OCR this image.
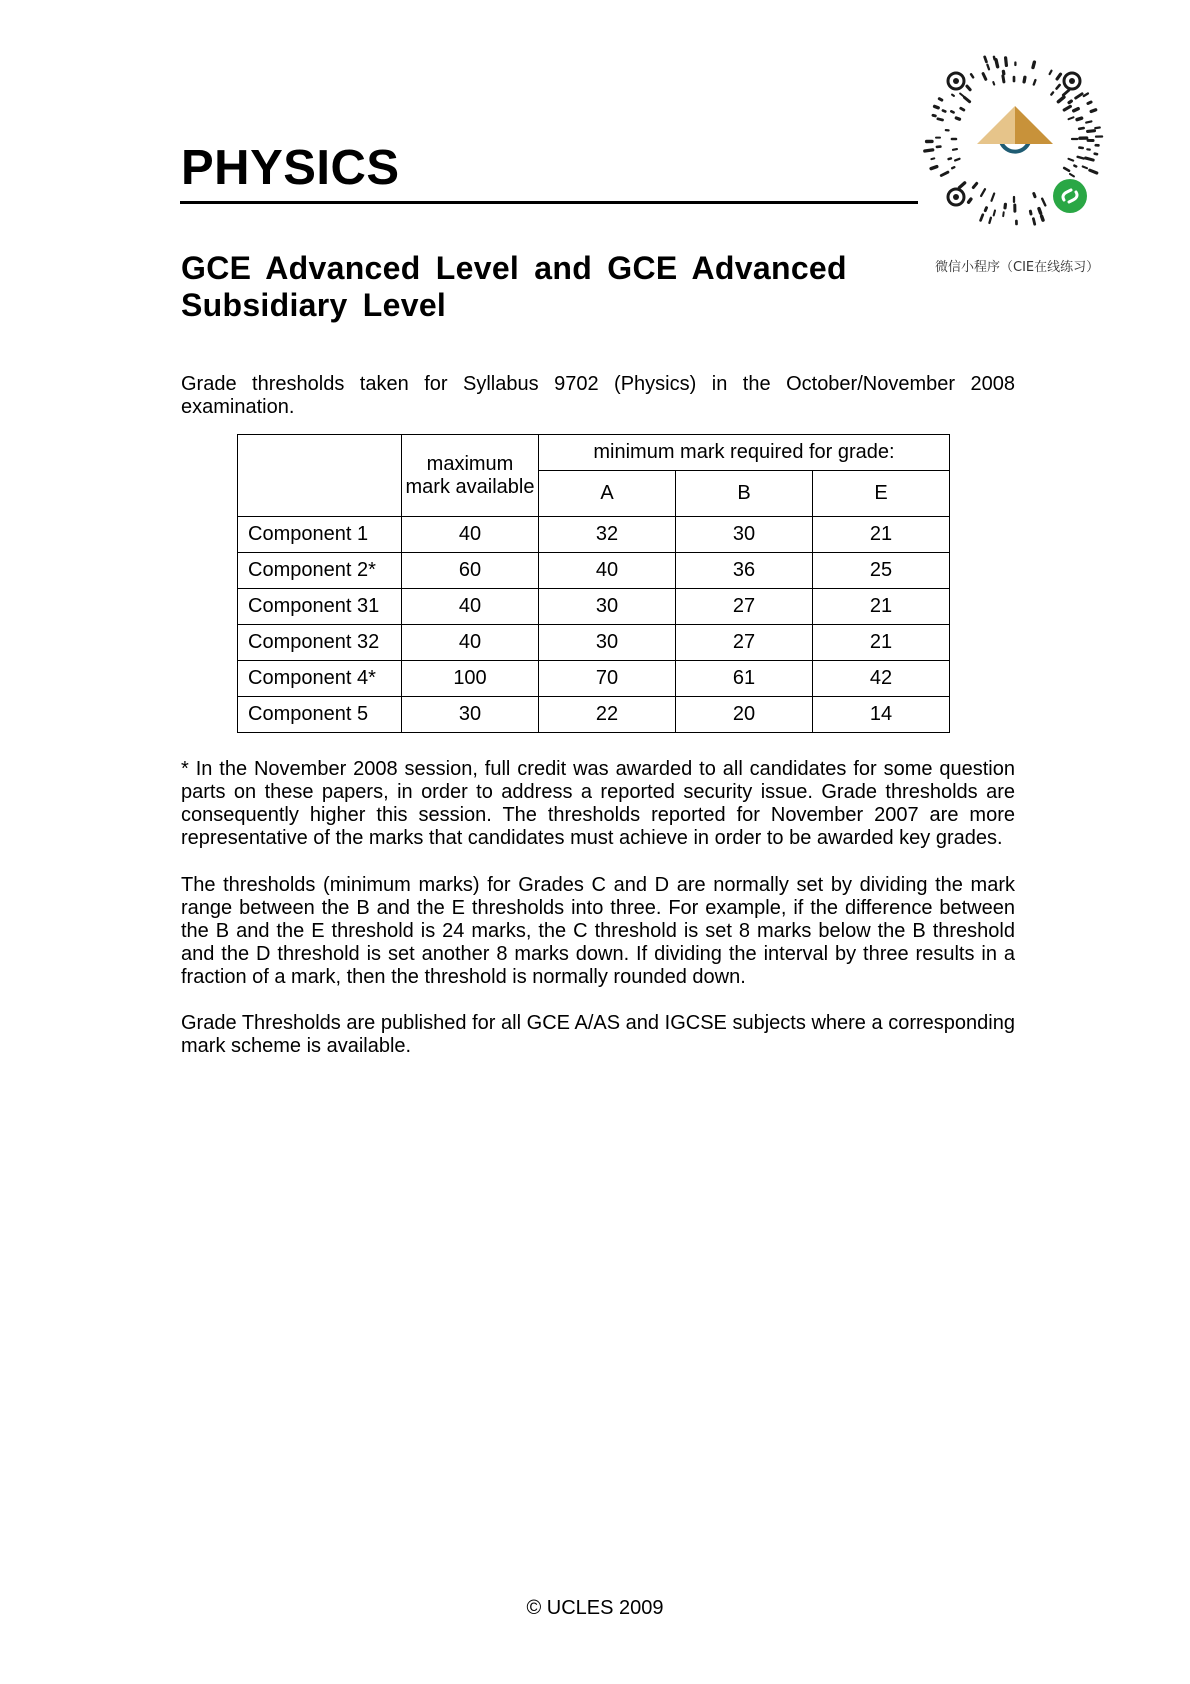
PHYSICS
GCE Advanced Level and GCE Advanced Subsidiary Level
微信小程序（CIE在线练习）

Grade thresholds taken for Syllabus 9702 (Physics) in the October/November 2008 examination.

	maximum mark available	minimum mark required for grade:		
		A	B	E
Component 1	40	32	30	21
Component 2*	60	40	36	25
Component 31	40	30	27	21
Component 32	40	30	27	21
Component 4*	100	70	61	42
Component 5	30	22	20	14

* In the November 2008 session, full credit was awarded to all candidates for some question parts on these papers, in order to address a reported security issue. Grade thresholds are consequently higher this session. The thresholds reported for November 2007 are more representative of the marks that candidates must achieve in order to be awarded key grades.

The thresholds (minimum marks) for Grades C and D are normally set by dividing the mark range between the B and the E thresholds into three. For example, if the difference between the B and the E threshold is 24 marks, the C threshold is set 8 marks below the B threshold and the D threshold is set another 8 marks down. If dividing the interval by three results in a fraction of a mark, then the threshold is normally rounded down.

Grade Thresholds are published for all GCE A/AS and IGCSE subjects where a corresponding mark scheme is available.

© UCLES 2009
